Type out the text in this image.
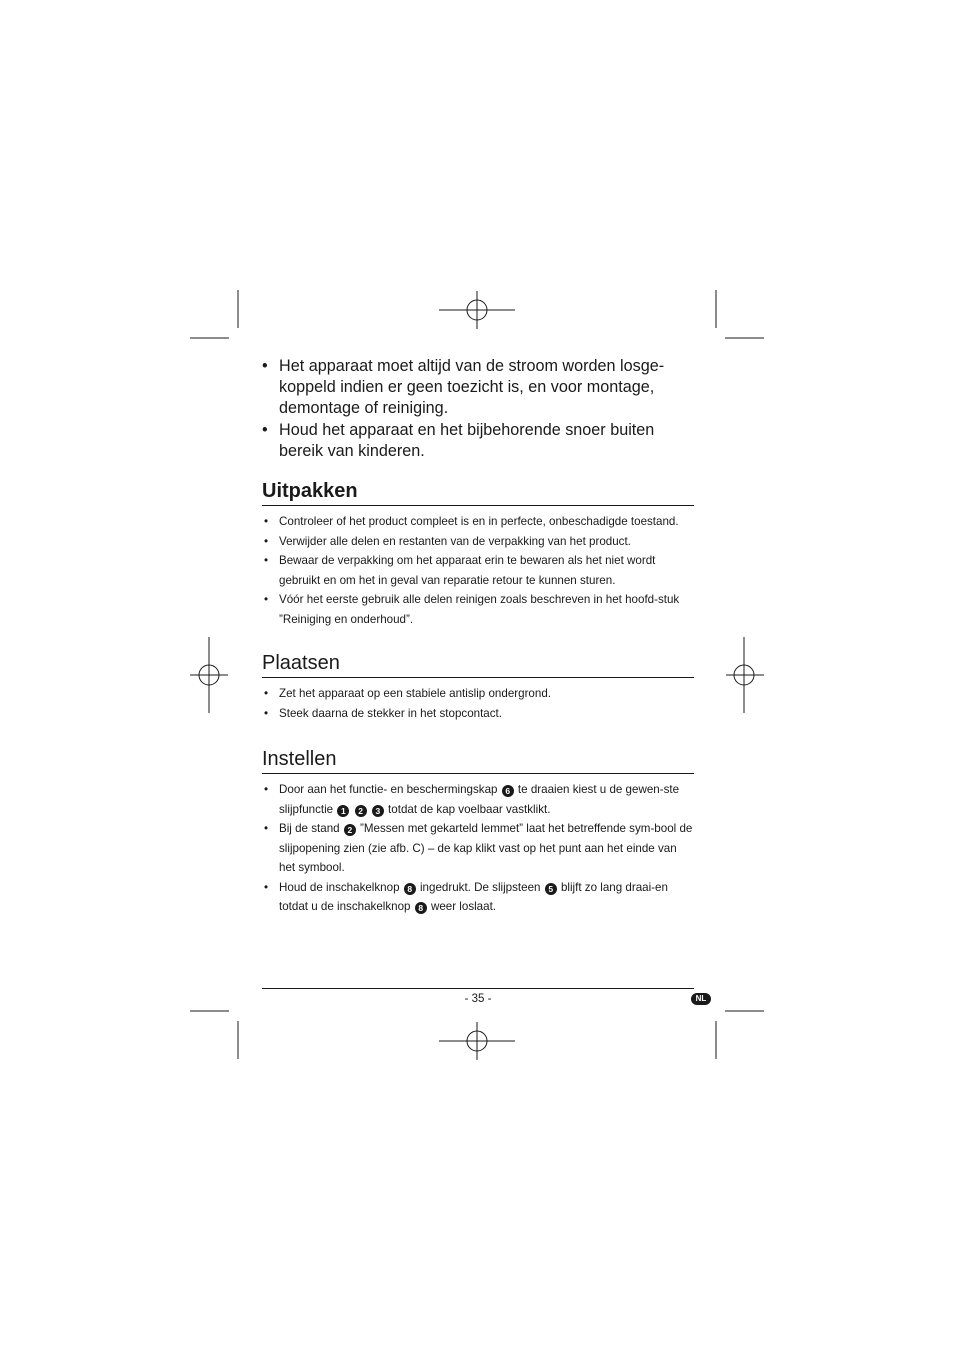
• Het apparaat moet altijd van de stroom worden losge-koppeld indien er geen toezicht is, en voor montage, demontage of reiniging.
• Houd het apparaat en het bijbehorende snoer buiten bereik van kinderen.
Uitpakken
• Controleer of het product compleet is en in perfecte, onbeschadigde toestand.
• Verwijder alle delen en restanten van de verpakking van het product.
• Bewaar de verpakking om het apparaat erin te bewaren als het niet wordt gebruikt en om het in geval van reparatie retour te kunnen sturen.
• Vóór het eerste gebruik alle delen reinigen zoals beschreven in het hoofd-stuk ”Reiniging en onderhoud”.
Plaatsen
• Zet het apparaat op een stabiele antislip ondergrond.
• Steek daarna de stekker in het stopcontact.
Instellen
• Door aan het functie- en beschermingskap 6 te draaien kiest u de gewen-ste slijpfunctie 1 2 3 totdat de kap voelbaar vastklikt.
• Bij de stand 2 ”Messen met gekarteld lemmet” laat het betreffende sym-bool de slijpopening zien (zie afb. C) – de kap klikt vast op het punt aan het einde van het symbool.
• Houd de inschakelknop 8 ingedrukt. De slijpsteen 5 blijft zo lang draai-en totdat u de inschakelknop 8 weer loslaat.
- 35 -	NL
